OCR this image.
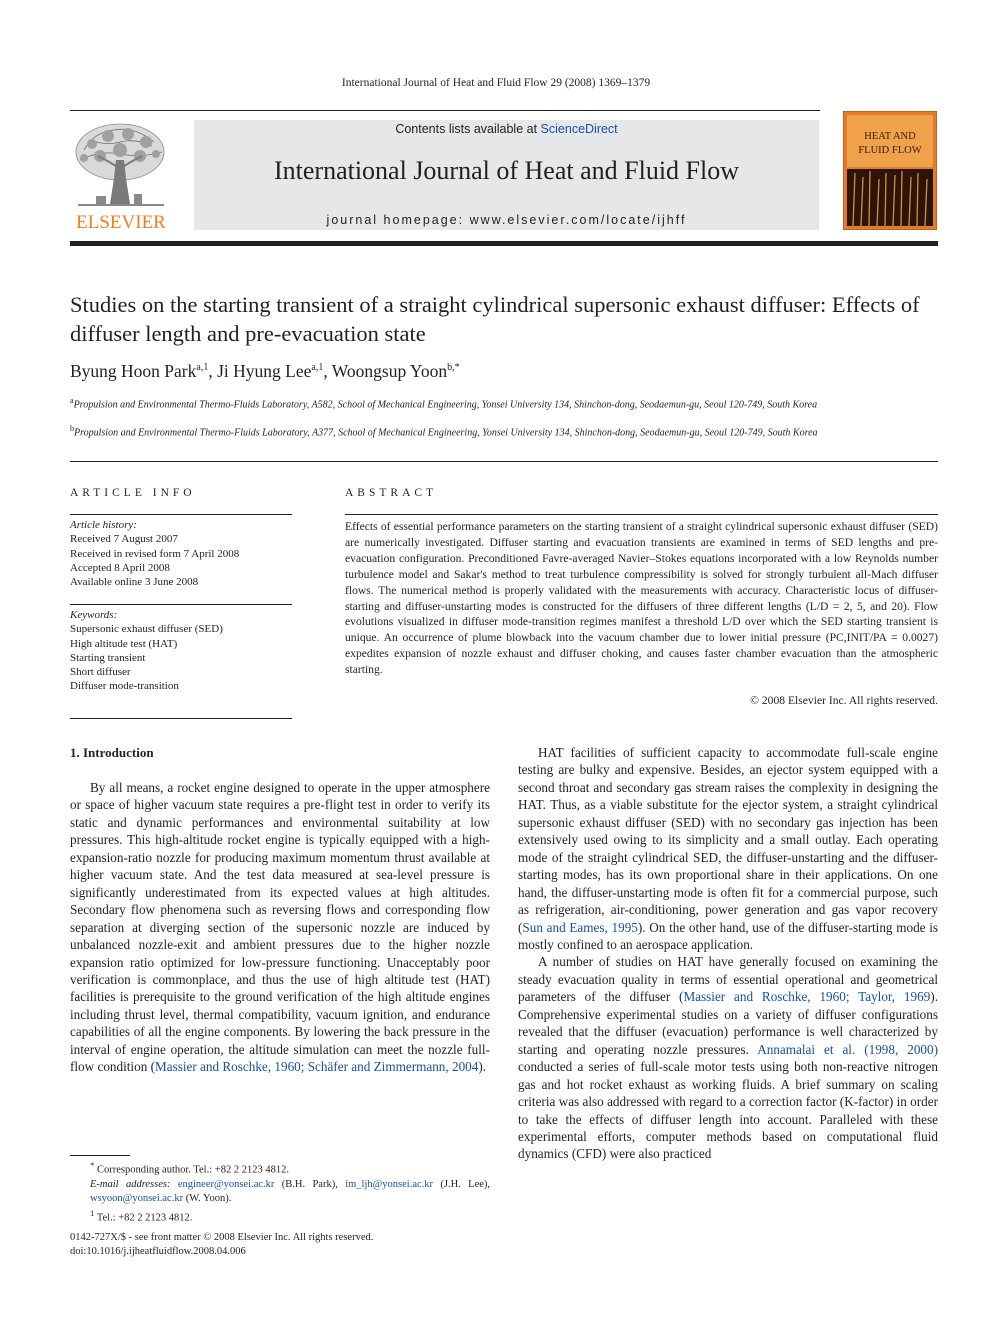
International Journal of Heat and Fluid Flow 29 (2008) 1369–1379
ELSEVIER
Contents lists available at ScienceDirect
International Journal of Heat and Fluid Flow
journal homepage: www.elsevier.com/locate/ijhff
HEAT AND
FLUID FLOW
Studies on the starting transient of a straight cylindrical supersonic exhaust diffuser: Effects of diffuser length and pre-evacuation state
Byung Hoon Park$^{a,1}$, Ji Hyung Lee$^{a,1}$, Woongsup Yoon$^{b,*}$
$^a$Propulsion and Environmental Thermo-Fluids Laboratory, A582, School of Mechanical Engineering, Yonsei University 134, Shinchon-dong, Seodaemun-gu, Seoul 120-749, South Korea
$^b$Propulsion and Environmental Thermo-Fluids Laboratory, A377, School of Mechanical Engineering, Yonsei University 134, Shinchon-dong, Seodaemun-gu, Seoul 120-749, South Korea
ARTICLE INFO
Article history:
Received 7 August 2007
Received in revised form 7 April 2008
Accepted 8 April 2008
Available online 3 June 2008
Keywords:
Supersonic exhaust diffuser (SED)
High altitude test (HAT)
Starting transient
Short diffuser
Diffuser mode-transition
ABSTRACT
Effects of essential performance parameters on the starting transient of a straight cylindrical supersonic exhaust diffuser (SED) are numerically investigated. Diffuser starting and evacuation transients are examined in terms of SED lengths and pre-evacuation configuration. Preconditioned Favre-averaged Navier–Stokes equations incorporated with a low Reynolds number turbulence model and Sakar's method to treat turbulence compressibility is solved for strongly turbulent all-Mach diffuser flows. The numerical method is properly validated with the measurements with accuracy. Characteristic locus of diffuser-starting and diffuser-unstarting modes is constructed for the diffusers of three different lengths (L/D = 2, 5, and 20). Flow evolutions visualized in diffuser mode-transition regimes manifest a threshold L/D over which the SED starting transient is unique. An occurrence of plume blowback into the vacuum chamber due to lower initial pressure (PC,INIT/PA = 0.0027) expedites expansion of nozzle exhaust and diffuser choking, and causes faster chamber evacuation than the atmospheric starting.
© 2008 Elsevier Inc. All rights reserved.
1. Introduction

By all means, a rocket engine designed to operate in the upper atmosphere or space of higher vacuum state requires a pre-flight test in order to verify its static and dynamic performances and environmental suitability at low pressures. This high-altitude rocket engine is typically equipped with a high-expansion-ratio nozzle for producing maximum momentum thrust available at higher vacuum state. And the test data measured at sea-level pressure is significantly underestimated from its expected values at high altitudes. Secondary flow phenomena such as reversing flows and corresponding flow separation at diverging section of the supersonic nozzle are induced by unbalanced nozzle-exit and ambient pressures due to the higher nozzle expansion ratio optimized for low-pressure functioning. Unacceptably poor verification is commonplace, and thus the use of high altitude test (HAT) facilities is prerequisite to the ground verification of the high altitude engines including thrust level, thermal compatibility, vacuum ignition, and endurance capabilities of all the engine components. By lowering the back pressure in the interval of engine operation, the altitude simulation can meet the nozzle full-flow condition (Massier and Roschke, 1960; Schäfer and Zimmermann, 2004).

HAT facilities of sufficient capacity to accommodate full-scale engine testing are bulky and expensive. Besides, an ejector system equipped with a second throat and secondary gas stream raises the complexity in designing the HAT. Thus, as a viable substitute for the ejector system, a straight cylindrical supersonic exhaust diffuser (SED) with no secondary gas injection has been extensively used owing to its simplicity and a small outlay. Each operating mode of the straight cylindrical SED, the diffuser-unstarting and the diffuser-starting modes, has its own proportional share in their applications. On one hand, the diffuser-unstarting mode is often fit for a commercial purpose, such as refrigeration, air-conditioning, power generation and gas vapor recovery (Sun and Eames, 1995). On the other hand, use of the diffuser-starting mode is mostly confined to an aerospace application.

A number of studies on HAT have generally focused on examining the steady evacuation quality in terms of essential operational and geometrical parameters of the diffuser (Massier and Roschke, 1960; Taylor, 1969). Comprehensive experimental studies on a variety of diffuser configurations revealed that the diffuser (evacuation) performance is well characterized by starting and operating nozzle pressures. Annamalai et al. (1998, 2000) conducted a series of full-scale motor tests using both non-reactive nitrogen gas and hot rocket exhaust as working fluids. A brief summary on scaling criteria was also addressed with regard to a correction factor (K-factor) in order to take the effects of diffuser length into account. Paralleled with these experimental efforts, computer methods based on computational fluid dynamics (CFD) were also practiced

* Corresponding author. Tel.: +82 2 2123 4812.

E-mail addresses: engineer@yonsei.ac.kr (B.H. Park), im_ljh@yonsei.ac.kr (J.H. Lee), wsyoon@yonsei.ac.kr (W. Yoon).

$^1$ Tel.: +82 2 2123 4812.

0142-727X/$ - see front matter © 2008 Elsevier Inc. All rights reserved.
doi:10.1016/j.ijheatfluidflow.2008.04.006
